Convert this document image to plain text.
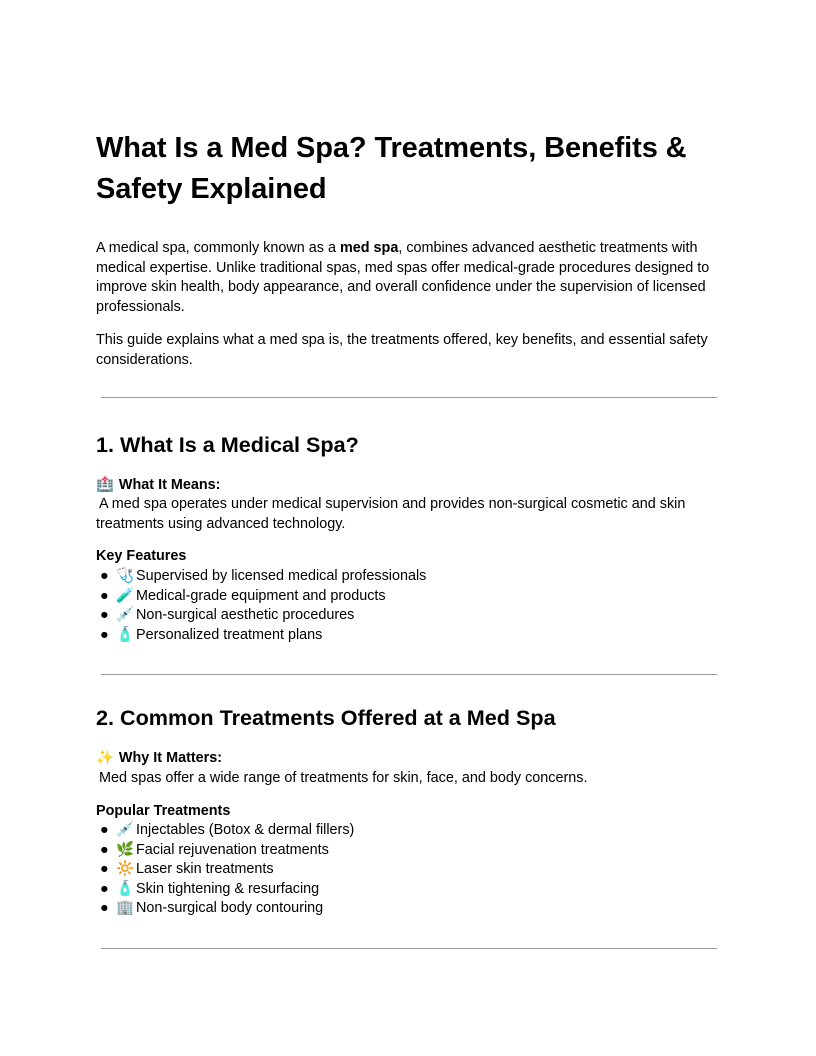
What Is a Med Spa? Treatments, Benefits & Safety Explained

A medical spa, commonly known as a med spa, combines advanced aesthetic treatments with medical expertise. Unlike traditional spas, med spas offer medical-grade procedures designed to improve skin health, body appearance, and overall confidence under the supervision of licensed professionals.

This guide explains what a med spa is, the treatments offered, key benefits, and essential safety considerations.

1. What Is a Medical Spa?
🏥 What It Means:

A med spa operates under medical supervision and provides non-surgical cosmetic and skin treatments using advanced technology.

Key Features
● 🩺 Supervised by licensed medical professionals
● 🧪 Medical-grade equipment and products
● 💉 Non-surgical aesthetic procedures
● 🧴 Personalized treatment plans
2. Common Treatments Offered at a Med Spa
✨ Why It Matters:

Med spas offer a wide range of treatments for skin, face, and body concerns.

Popular Treatments
● 💉 Injectables (Botox & dermal fillers)
● 🌿 Facial rejuvenation treatments
● 🔆 Laser skin treatments
● 🧴 Skin tightening & resurfacing
● 🏢 Non-surgical body contouring
